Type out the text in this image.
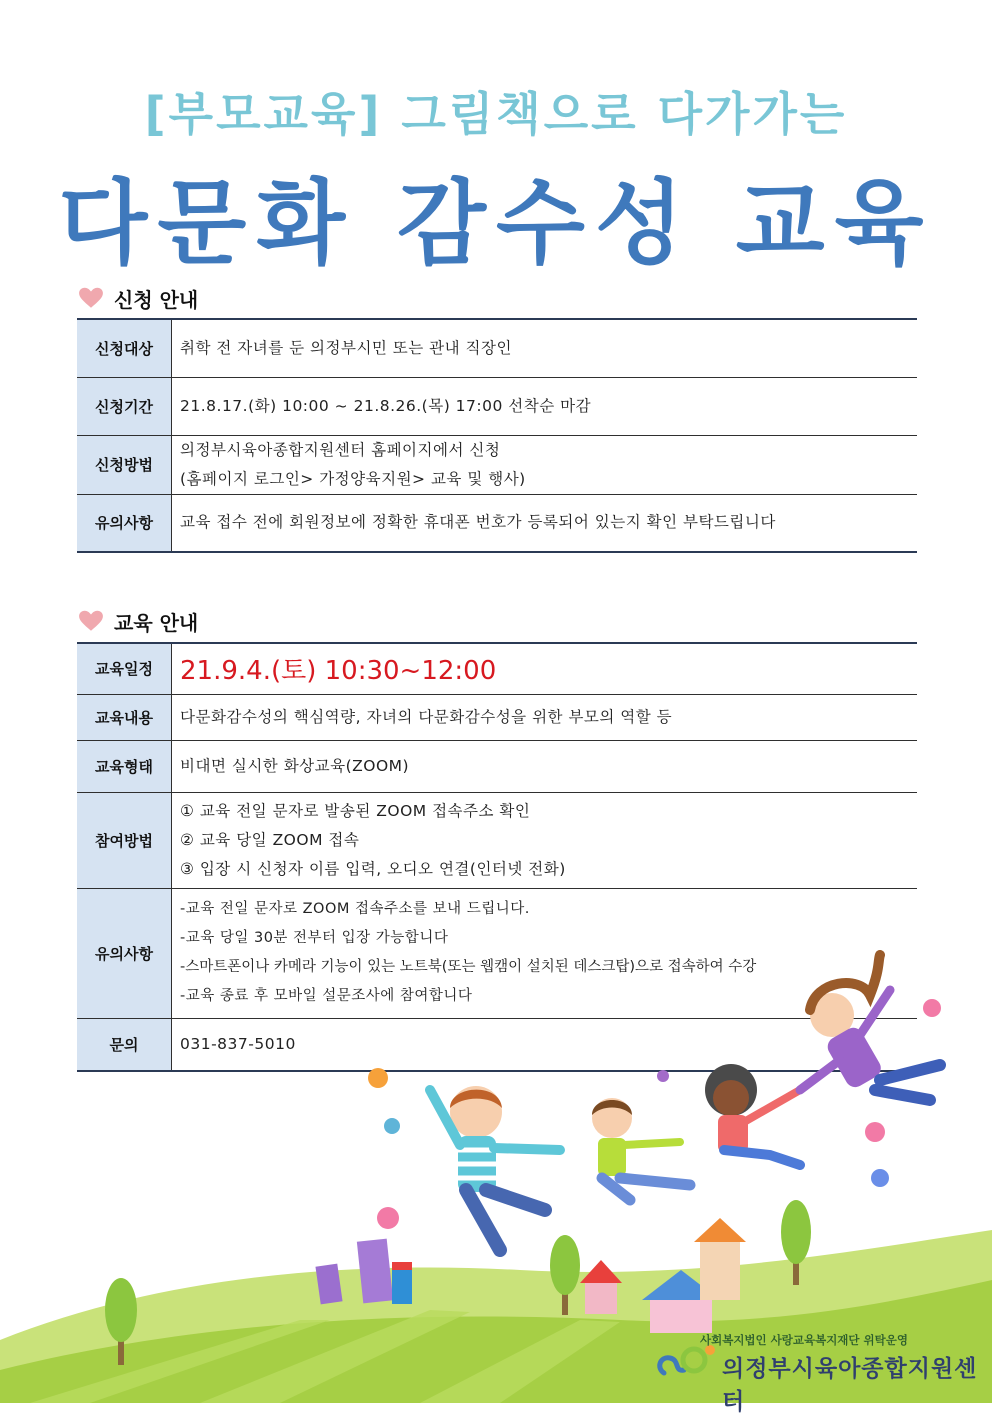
[부모교육] 그림책으로 다가가는
다문화 감수성 교육
신청 안내
신청대상	취학 전 자녀를 둔 의정부시민 또는 관내 직장인

신청기간	21.8.17.(화) 10:00 ~ 21.8.26.(목) 17:00 선착순 마감

신청방법	의정부시육아종합지원센터 홈페이지에서 신청
(홈페이지 로그인> 가정양육지원> 교육 및 행사)

유의사항	교육 접수 전에 회원정보에 정확한 휴대폰 번호가 등록되어 있는지 확인 부탁드립니다
교육 안내
교육일정	21.9.4.(토) 10:30~12:00

교육내용	다문화감수성의 핵심역량, 자녀의 다문화감수성을 위한 부모의 역할 등

교육형태	비대면 실시한 화상교육(ZOOM)

참여방법	① 교육 전일 문자로 발송된 ZOOM 접속주소 확인
② 교육 당일 ZOOM 접속
③ 입장 시 신청자 이름 입력, 오디오 연결(인터넷 전화)

유의사항	-교육 전일 문자로 ZOOM 접속주소를 보내 드립니다.
-교육 당일 30분 전부터 입장 가능합니다
-스마트폰이나 카메라 기능이 있는 노트북(또는 웹캠이 설치된 데스크탑)으로 접속하여 수강
-교육 종료 후 모바일 설문조사에 참여합니다

문의	031-837-5010
사회복지법인 사랑교육복지재단 위탁운영
의정부시육아종합지원센터
